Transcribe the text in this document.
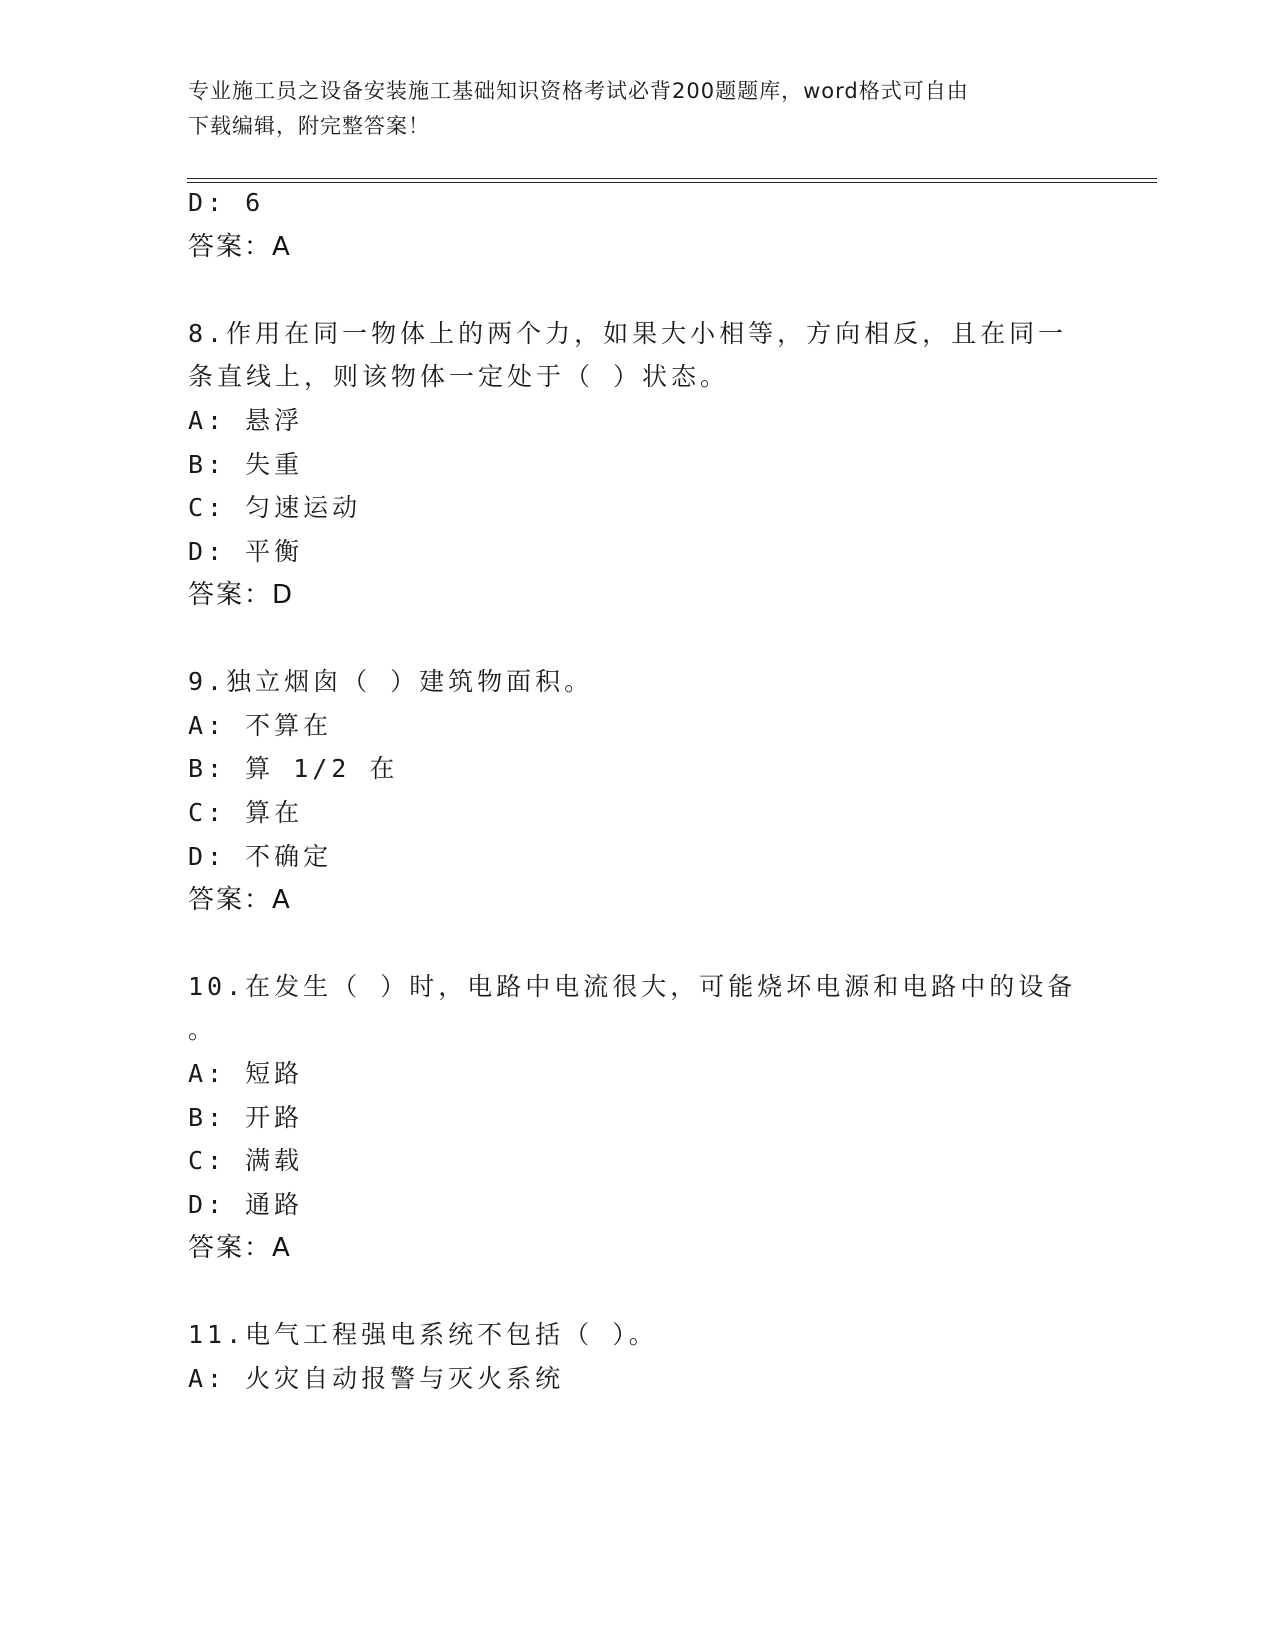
专业施工员之设备安装施工基础知识资格考试必背200题题库，word格式可自由
下载编辑，附完整答案！
D: 6
答案：A
8.作用在同一物体上的两个力，如果大小相等，方向相反，且在同一
条直线上，则该物体一定处于（ ）状态。
A: 悬浮
B: 失重
C: 匀速运动
D: 平衡
答案：D
9.独立烟囱（ ）建筑物面积。
A: 不算在
B: 算 1/2 在
C: 算在
D: 不确定
答案：A
10.在发生（ ）时，电路中电流很大，可能烧坏电源和电路中的设备
。
A: 短路
B: 开路
C: 满载
D: 通路
答案：A
11.电气工程强电系统不包括（ ）。
A: 火灾自动报警与灭火系统
